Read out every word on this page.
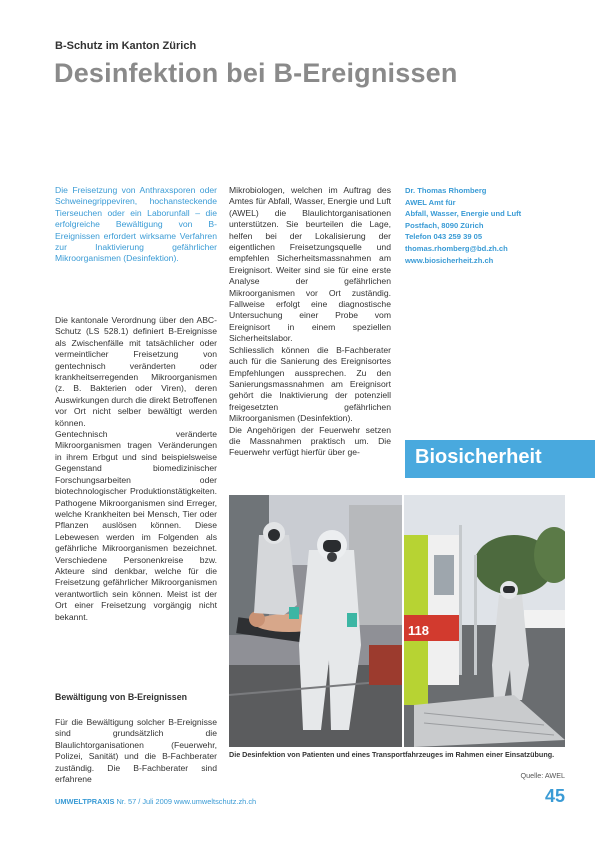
B-Schutz im Kanton Zürich
Desinfektion bei B-Ereignissen
Die Freisetzung von Anthraxsporen oder Schweinegrippeviren, hochansteckende Tierseuchen oder ein Laborunfall – die erfolgreiche Bewältigung von B-Ereignissen erfordert wirksame Verfahren zur Inaktivierung gefährlicher Mikroorganismen (Desinfektion).

Die kantonale Verordnung über den ABC-Schutz (LS 528.1) definiert B-Ereignisse als Zwischenfälle mit tatsächlicher oder vermeintlicher Freisetzung von gentechnisch veränderten oder krankheitserregenden Mikroorganismen (z. B. Bakterien oder Viren), deren Auswirkungen durch die direkt Betroffenen vor Ort nicht selber bewältigt werden können.

Gentechnisch veränderte Mikroorganismen tragen Veränderungen in ihrem Erbgut und sind beispielsweise Gegenstand biomedizinischer Forschungsarbeiten oder biotechnologischer Produktionstätigkeiten. Pathogene Mikroorganismen sind Erreger, welche Krankheiten bei Mensch, Tier oder Pflanzen auslösen können. Diese Lebewesen werden im Folgenden als gefährliche Mikroorganismen bezeichnet. Verschiedene Personenkreise bzw. Akteure sind denkbar, welche für die Freisetzung gefährlicher Mikroorganismen verantwortlich sein können. Meist ist der Ort einer Freisetzung vorgängig nicht bekannt.

Bewältigung von B-Ereignissen

Für die Bewältigung solcher B-Ereignisse sind grundsätzlich die Blaulichtorganisationen (Feuerwehr, Polizei, Sanität) und die B-Fachberater zuständig. Die B-Fachberater sind erfahrene

Mikrobiologen, welchen im Auftrag des Amtes für Abfall, Wasser, Energie und Luft (AWEL) die Blaulichtorganisationen unterstützen. Sie beurteilen die Lage, helfen bei der Lokalisierung der eigentlichen Freisetzungsquelle und empfehlen Sicherheitsmassnahmen am Ereignisort. Weiter sind sie für eine erste Analyse der gefährlichen Mikroorganismen vor Ort zuständig. Fallweise erfolgt eine diagnostische Untersuchung einer Probe vom Ereignisort in einem speziellen Sicherheitslabor.

Schliesslich können die B-Fachberater auch für die Sanierung des Ereignisortes Empfehlungen aussprechen. Zu den Sanierungsmassnahmen am Ereignisort gehört die Inaktivierung der potenziell freigesetzten gefährlichen Mikroorganismen (Desinfektion).

Die Angehörigen der Feuerwehr setzen die Massnahmen praktisch um. Die Feuerwehr verfügt hierfür über ge-

Dr. Thomas Rhomberg
AWEL Amt für
Abfall, Wasser, Energie und Luft
Postfach, 8090 Zürich
Telefon 043 259 39 05
thomas.rhomberg@bd.zh.ch
www.biosicherheit.zh.ch
Biosicherheit
118
Die Desinfektion von Patienten und eines Transportfahrzeuges im Rahmen einer Einsatzübung.
Quelle: AWEL
UMWELTPRAXIS Nr. 57 / Juli 2009 www.umweltschutz.zh.ch	45
